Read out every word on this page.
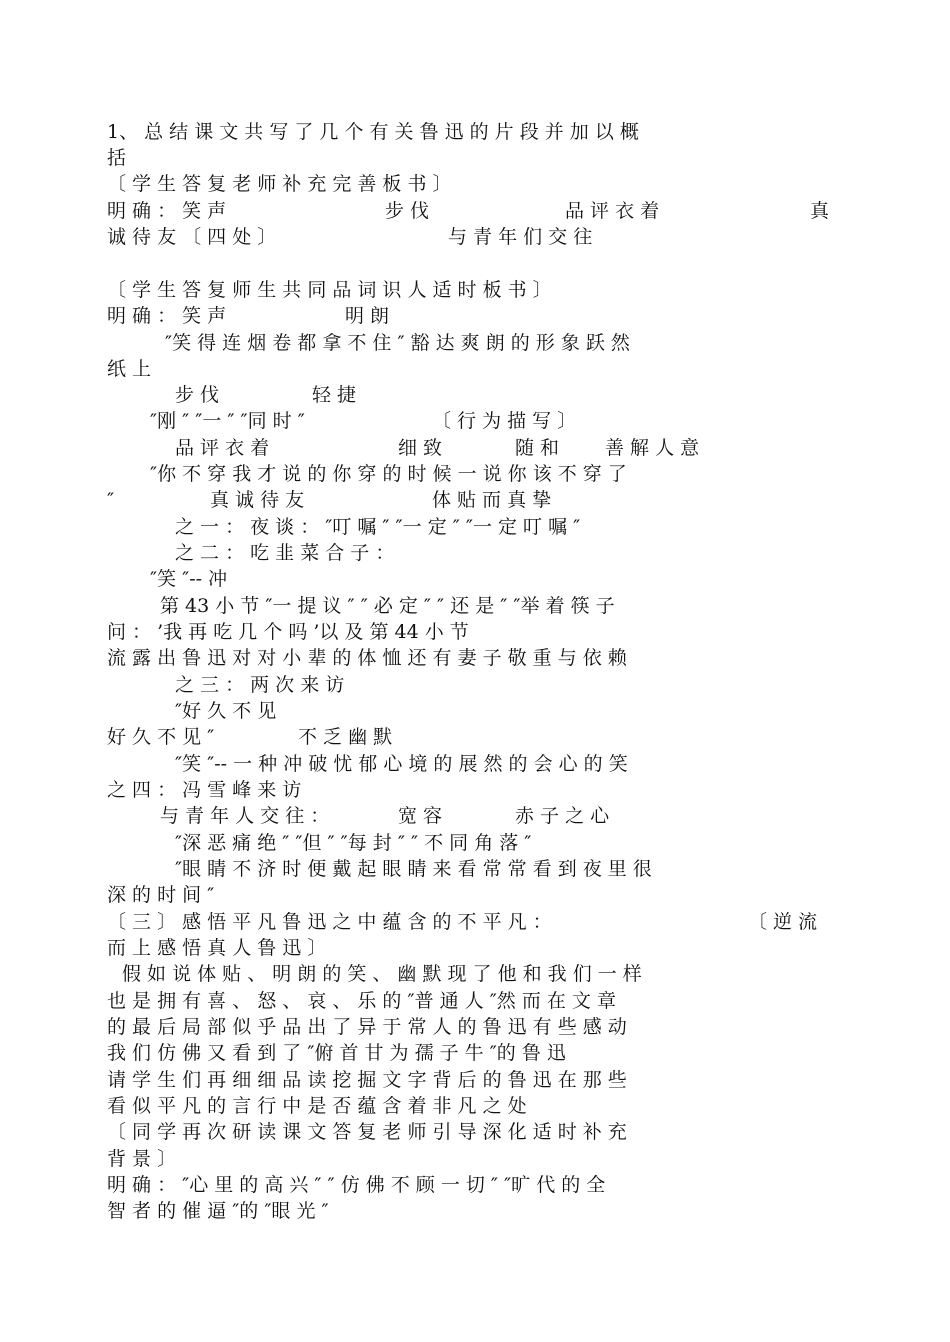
1、 总 结 课 文 共 写 了 几 个 有 关 鲁 迅 的 片 段 并 加 以 概
括
〔 学 生 答 复 老 师 补 充 完 善 板 书 〕
明 确 ： 笑 声	步 伐	品 评 衣 着	真
诚 待 友 〔 四 处 〕	与 青 年 们 交 往
〔 学 生 答 复 师 生 共 同 品 词 识 人 适 时 板 书 〕
明 确 ： 笑 声	明 朗
″笑 得 连 烟 卷 都 拿 不 住 ″ 豁 达 爽 朗 的 形 象 跃 然
纸 上
步 伐	轻 捷
″刚 ″ ″一 ″ ″同 时 ″	〔 行 为 描 写 〕
品 评 衣 着	细 致	随 和 善 解 人 意
″你 不 穿 我 才 说 的 你 穿 的 时 候 一 说 你 该 不 穿 了
″	真 诚 待 友	体 贴 而 真 挚
之 一 ： 夜 谈 ： ″叮 嘱 ″ ″一 定 ″ ″一 定 叮 嘱 ″
之 二 ： 吃 韭 菜 合 子 ：
″笑 ″-- 冲
第 43 小 节 ″一 提 议 ″ ″ 必 定 ″ ″ 还 是 ″ ″举 着 筷 子
问 ： ’我 再 吃 几 个 吗 ’以 及 第 44 小 节
流 露 出 鲁 迅 对 对 小 辈 的 体 恤 还 有 妻 子 敬 重 与 依 赖
之 三 ： 两 次 来 访
″好 久 不 见
好 久 不 见 ″	不 乏 幽 默
″笑 ″-- 一 种 冲 破 忧 郁 心 境 的 展 然 的 会 心 的 笑
之 四 ： 冯 雪 峰 来 访
与 青 年 人 交 往 ：	宽 容	赤 子 之 心
″深 恶 痛 绝 ″ ″但 ″ ″每 封 ″ ″ 不 同 角 落 ″
″眼 睛 不 济 时 便 戴 起 眼 睛 来 看 常 常 看 到 夜 里 很
深 的 时 间 ″
〔 三 〕 感 悟 平 凡 鲁 迅 之 中 蕴 含 的 不 平 凡 ：	〔 逆 流
而 上 感 悟 真 人 鲁 迅 〕
假 如 说 体 贴 、 明 朗 的 笑 、 幽 默 现 了 他 和 我 们 一 样
也 是 拥 有 喜 、 怒 、 哀 、 乐 的 ″普 通 人 ″然 而 在 文 章
的 最 后 局 部 似 乎 品 出 了 异 于 常 人 的 鲁 迅 有 些 感 动
我 们 仿 佛 又 看 到 了 ″俯 首 甘 为 孺 子 牛 ″的 鲁 迅
请 学 生 们 再 细 细 品 读 挖 掘 文 字 背 后 的 鲁 迅 在 那 些
看 似 平 凡 的 言 行 中 是 否 蕴 含 着 非 凡 之 处
〔 同 学 再 次 研 读 课 文 答 复 老 师 引 导 深 化 适 时 补 充
背 景 〕
明 确 ： ″心 里 的 高 兴 ″ ″ 仿 佛 不 顾 一 切 ″ ″旷 代 的 全
智 者 的 催 逼 ″的 ″眼 光 ″
